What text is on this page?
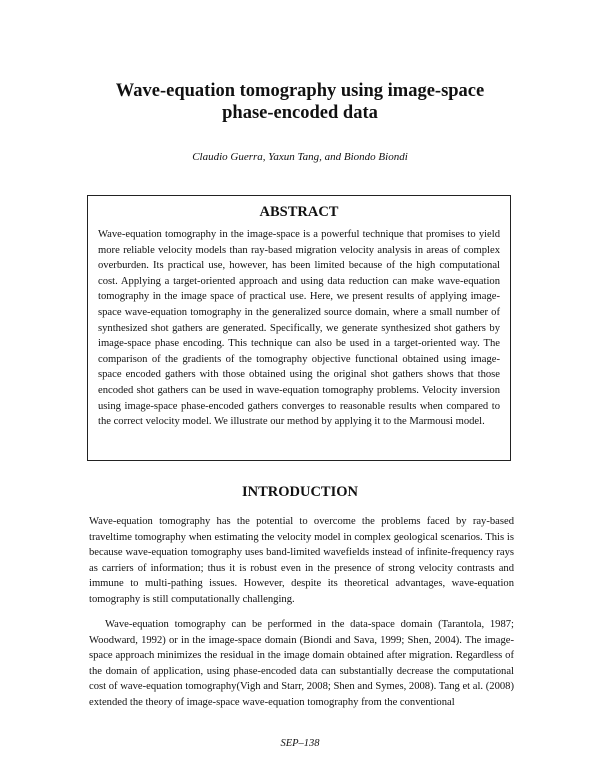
Wave-equation tomography using image-space
phase-encoded data
Claudio Guerra, Yaxun Tang, and Biondo Biondi
ABSTRACT

Wave-equation tomography in the image-space is a powerful technique that promises to yield more reliable velocity models than ray-based migration velocity analysis in areas of complex overburden. Its practical use, however, has been limited because of the high computational cost. Applying a target-oriented approach and using data reduction can make wave-equation tomography in the image space of practical use. Here, we present results of applying image-space wave-equation tomography in the generalized source domain, where a small number of synthesized shot gathers are generated. Specifically, we generate synthesized shot gathers by image-space phase encoding. This technique can also be used in a target-oriented way. The comparison of the gradients of the tomography objective functional obtained using image-space encoded gathers with those obtained using the original shot gathers shows that those encoded shot gathers can be used in wave-equation tomography problems. Velocity inversion using image-space phase-encoded gathers converges to reasonable results when compared to the correct velocity model. We illustrate our method by applying it to the Marmousi model.

INTRODUCTION

Wave-equation tomography has the potential to overcome the problems faced by ray-based traveltime tomography when estimating the velocity model in complex geological scenarios. This is because wave-equation tomography uses band-limited wavefields instead of infinite-frequency rays as carriers of information; thus it is robust even in the presence of strong velocity contrasts and immune to multi-pathing issues. However, despite its theoretical advantages, wave-equation tomography is still computationally challenging.

Wave-equation tomography can be performed in the data-space domain (Tarantola, 1987; Woodward, 1992) or in the image-space domain (Biondi and Sava, 1999; Shen, 2004). The image-space approach minimizes the residual in the image domain obtained after migration. Regardless of the domain of application, using phase-encoded data can substantially decrease the computational cost of wave-equation tomography(Vigh and Starr, 2008; Shen and Symes, 2008). Tang et al. (2008) extended the theory of image-space wave-equation tomography from the conventional

SEP–138
